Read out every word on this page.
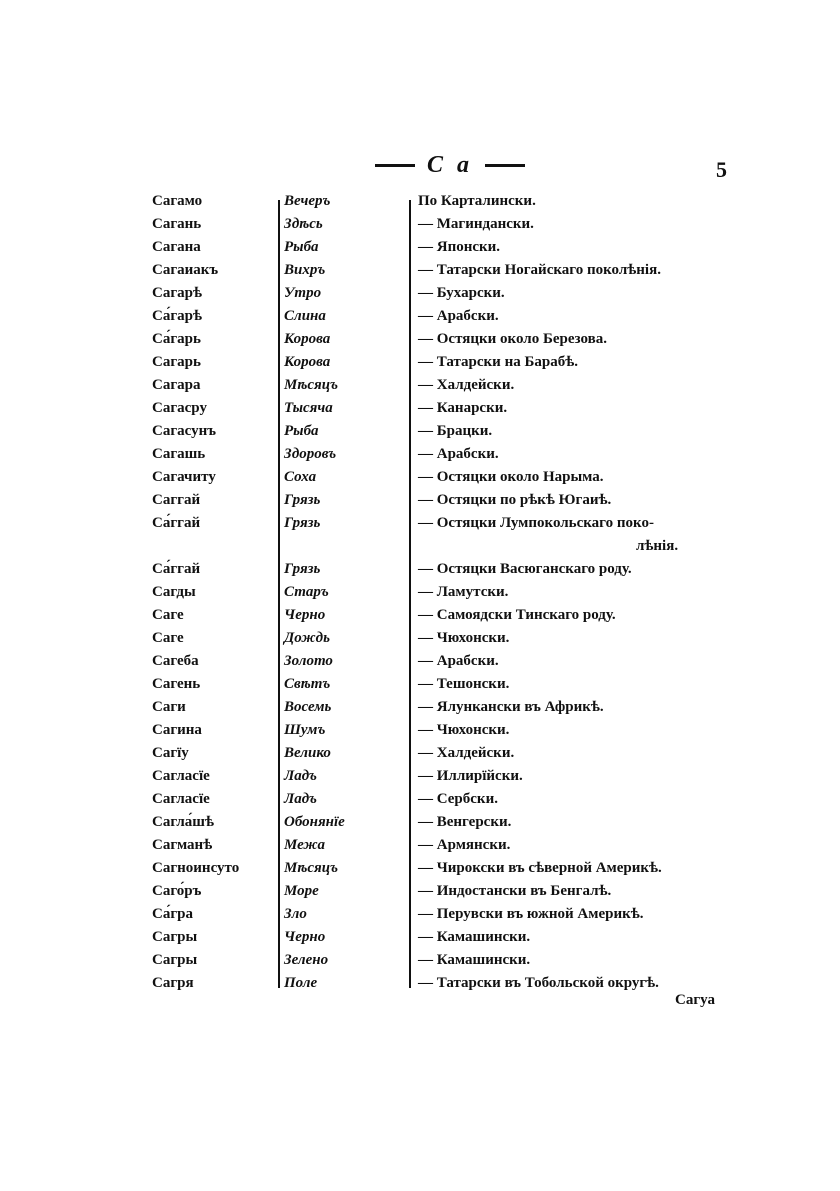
С а	5
Сагамо	Вечеръ	По Карталински.
Сагань	Здѣсь	— Магиндански.
Сагана	Рыба	— Японски.
Сагаиакъ	Вихръ	— Татарски Ногайскаго поколѣнія.
Сагарѣ	Утро	— Бухарски.
Са́гарѣ	Слина	— Арабски.
Са́гарь	Корова	— Остяцки около Березова.
Сагарь	Корова	— Татарски на Барабѣ.
Сагара	Мѣсяцъ	— Халдейски.
Сагасру	Тысяча	— Канарски.
Сагасунъ	Рыба	— Брацки.
Сагашь	Здоровъ	— Арабски.
Сагачиту	Соха	— Остяцки около Нарыма.
Саггай	Грязь	— Остяцки по рѣкѣ Югаиѣ.
Са́ггай	Грязь	— Остяцки Лумпокольскаго поко-
лѣнія.
Са́ггай	Грязь	— Остяцки Васюганскаго роду.
Сагды	Старъ	— Ламутски.
Саге	Черно	— Самоядски Тинскаго роду.
Саге	Дождь	— Чюхонски.
Сагеба	Золото	— Арабски.
Сагень	Свѣтъ	— Тешонски.
Саги	Восемь	— Ялункански въ Африкѣ.
Сагина	Шумъ	— Чюхонски.
Сагїу	Велико	— Халдейски.
Сагласїе	Ладъ	— Иллирїйски.
Сагласїе	Ладъ	— Сербски.
Сагла́шѣ	Обонянїе	— Венгерски.
Сагманѣ	Межа	— Армянски.
Сагноинсуто	Мѣсяцъ	— Чирокски въ сѣверной Америкѣ.
Саго́ръ	Море	— Индостански въ Бенгалѣ.
Са́гра	Зло	— Перувски въ южной Америкѣ.
Сагры	Черно	— Камашински.
Сагры	Зелено	— Камашински.
Сагря	Поле	— Татарски въ Тобольской округѣ.
Сагуа
